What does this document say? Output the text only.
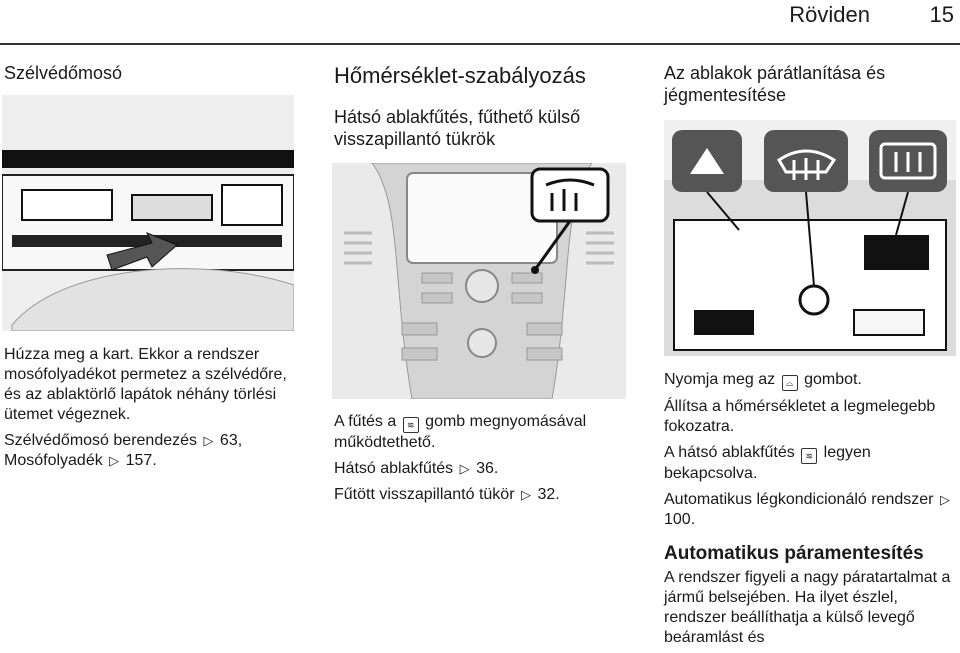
Röviden	15
Szélvédőmosó

Húzza meg a kart. Ekkor a rendszer mosófolyadékot permetez a szélvédőre, és az ablaktörlő lapátok néhány törlési ütemet végeznek.

Szélvédőmosó berendezés ▷ 63,
Mosófolyadék ▷ 157.

Hőmérséklet-szabályozás
Hátsó ablakfűtés, fűthető külső visszapillantó tükrök

A fűtés a ≋ gomb megnyomásával működtethető.

Hátsó ablakfűtés ▷ 36.

Fűtött visszapillantó tükör ▷ 32.

Az ablakok párátlanítása és jégmentesítése

Nyomja meg az ⌓ gombot.

Állítsa a hőmérsékletet a legmelegebb fokozatra.

A hátsó ablakfűtés ≋ legyen bekapcsolva.

Automatikus légkondicionáló rendszer ▷ 100.

Automatikus páramentesítés
A rendszer figyeli a nagy páratartalmat a jármű belsejében. Ha ilyet észlel, rendszer beállíthatja a külső levegő beáramlást és
